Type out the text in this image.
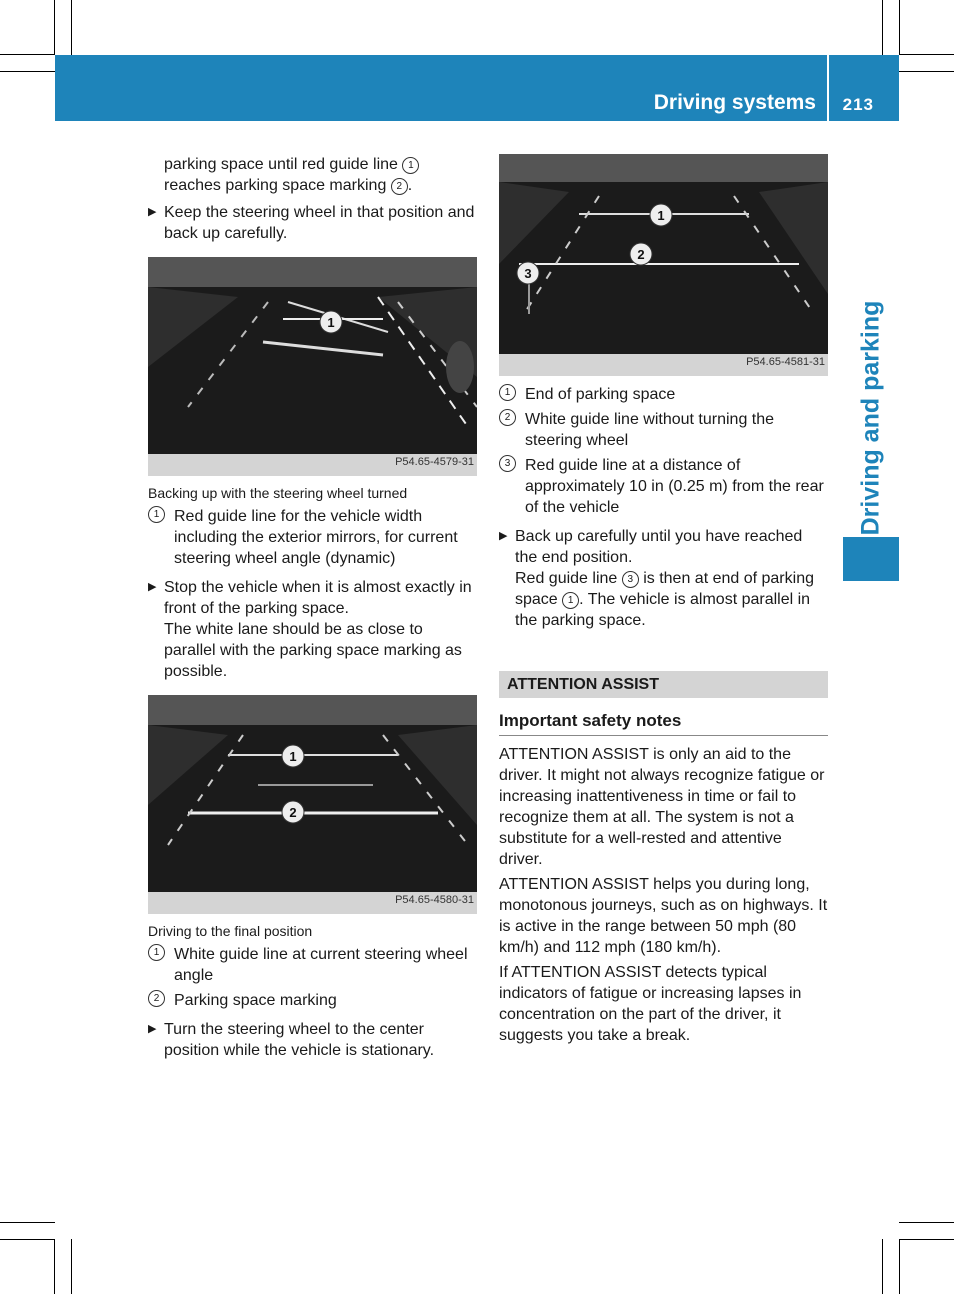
Driving systems 213
Driving and parking

parking space until red guide line 1
reaches parking space marking 2 .

▶ Keep the steering wheel in that position and back up carefully.
1
P54.65-4579-31
Backing up with the steering wheel turned
1 Red guide line for the vehicle width including the exterior mirrors, for current steering wheel angle (dynamic)
▶ Stop the vehicle when it is almost exactly in front of the parking space.
The white lane should be as close to parallel with the parking space marking as possible.
1
2
P54.65-4580-31
Driving to the final position
1 White guide line at current steering wheel angle
2 Parking space marking
▶ Turn the steering wheel to the center position while the vehicle is stationary.
1
2
3
P54.65-4581-31
1 End of parking space
2 White guide line without turning the steering wheel
3 Red guide line at a distance of approximately 10 in (0.25 m) from the rear of the vehicle
▶ Back up carefully until you have reached the end position.
Red guide line 3 is then at end of parking space 1 . The vehicle is almost parallel in the parking space.
ATTENTION ASSIST
Important safety notes

ATTENTION ASSIST is only an aid to the driver. It might not always recognize fatigue or increasing inattentiveness in time or fail to recognize them at all. The system is not a substitute for a well-rested and attentive driver.

ATTENTION ASSIST helps you during long, monotonous journeys, such as on highways. It is active in the range between 50 mph (80 km/h) and 112 mph (180 km/h).

If ATTENTION ASSIST detects typical indicators of fatigue or increasing lapses in concentration on the part of the driver, it suggests you take a break.
